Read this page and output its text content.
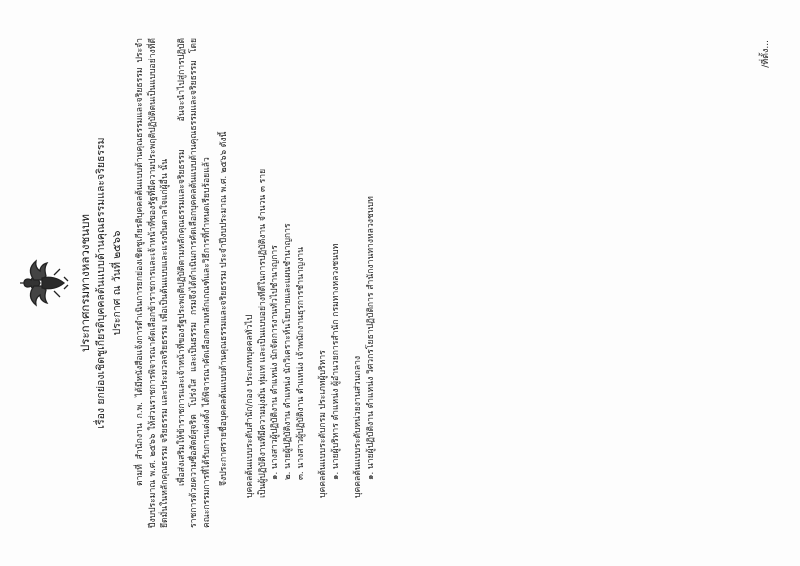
ประกาศกรมทางหลวงชนบท เรื่อง ยกย่องเชิดชูเกียรติบุคคลต้นแบบด้านคุณธรรมและจริยธรรม ประกาศ ณ วันที่ ๒๕๖๖ ตามที่ สำนักงาน ก.พ. ได้มีหนังสือแจ้งการดำเนินการยกย่องเชิดชูเกียรติบุคคลต้นแบบด้านคุณธรรมและจริยธรรม ประจำปีงบประมาณ พ.ศ. ๒๕๖๖ ให้ส่วนราชการพิจารณาคัดเลือกข้าราชการและเจ้าหน้าที่ของรัฐที่มีความประพฤติปฏิบัติตนเป็นแบบอย่างที่ดี ยึดมั่นในหลักคุณธรรม จริยธรรม และประมวลจริยธรรม เพื่อเป็นต้นแบบและแรงบันดาลใจแก่ผู้อื่น นั้น เพื่อส่งเสริมให้ข้าราชการและเจ้าหน้าที่ของรัฐประพฤติปฏิบัติตามหลักคุณธรรมและจริยธรรม อันจะนำไปสู่การปฏิบัติราชการด้วยความซื่อสัตย์สุจริต โปร่งใส และเป็นธรรม กรมจึงได้ดำเนินการคัดเลือกบุคคลต้นแบบด้านคุณธรรมและจริยธรรม โดยคณะกรรมการที่ได้รับการแต่งตั้ง ได้พิจารณาคัดเลือกตามหลักเกณฑ์และวิธีการที่กำหนดเรียบร้อยแล้ว จึงประกาศรายชื่อบุคคลต้นแบบด้านคุณธรรมและจริยธรรม ประจำปีงบประมาณ พ.ศ. ๒๕๖๖ ดังนี้ บุคคลต้นแบบระดับสำนัก/กอง ประเภทบุคคลทั่วไป เป็นผู้ปฏิบัติงานที่มีความมุ่งมั่น ทุ่มเท และเป็นแบบอย่างที่ดีในการปฏิบัติงาน จำนวน ๓ ราย ๑. นางสาวผู้ปฏิบัติงาน ตำแหน่ง นักจัดการงานทั่วไปชำนาญการ ๒. นายผู้ปฏิบัติงาน ตำแหน่ง นักวิเคราะห์นโยบายและแผนชำนาญการ ๓. นางสาวผู้ปฏิบัติงาน ตำแหน่ง เจ้าพนักงานธุรการชำนาญงาน บุคคลต้นแบบระดับกรม ประเภทผู้บริหาร ๑. นายผู้บริหาร ตำแหน่ง ผู้อำนวยการสำนัก กรมทางหลวงชนบท บุคคลต้นแบบระดับหน่วยงานส่วนกลาง ๑. นายผู้ปฏิบัติงาน ตำแหน่ง วิศวกรโยธาปฏิบัติการ สำนักงานทางหลวงชนบท
/ที่ตั้ง...
